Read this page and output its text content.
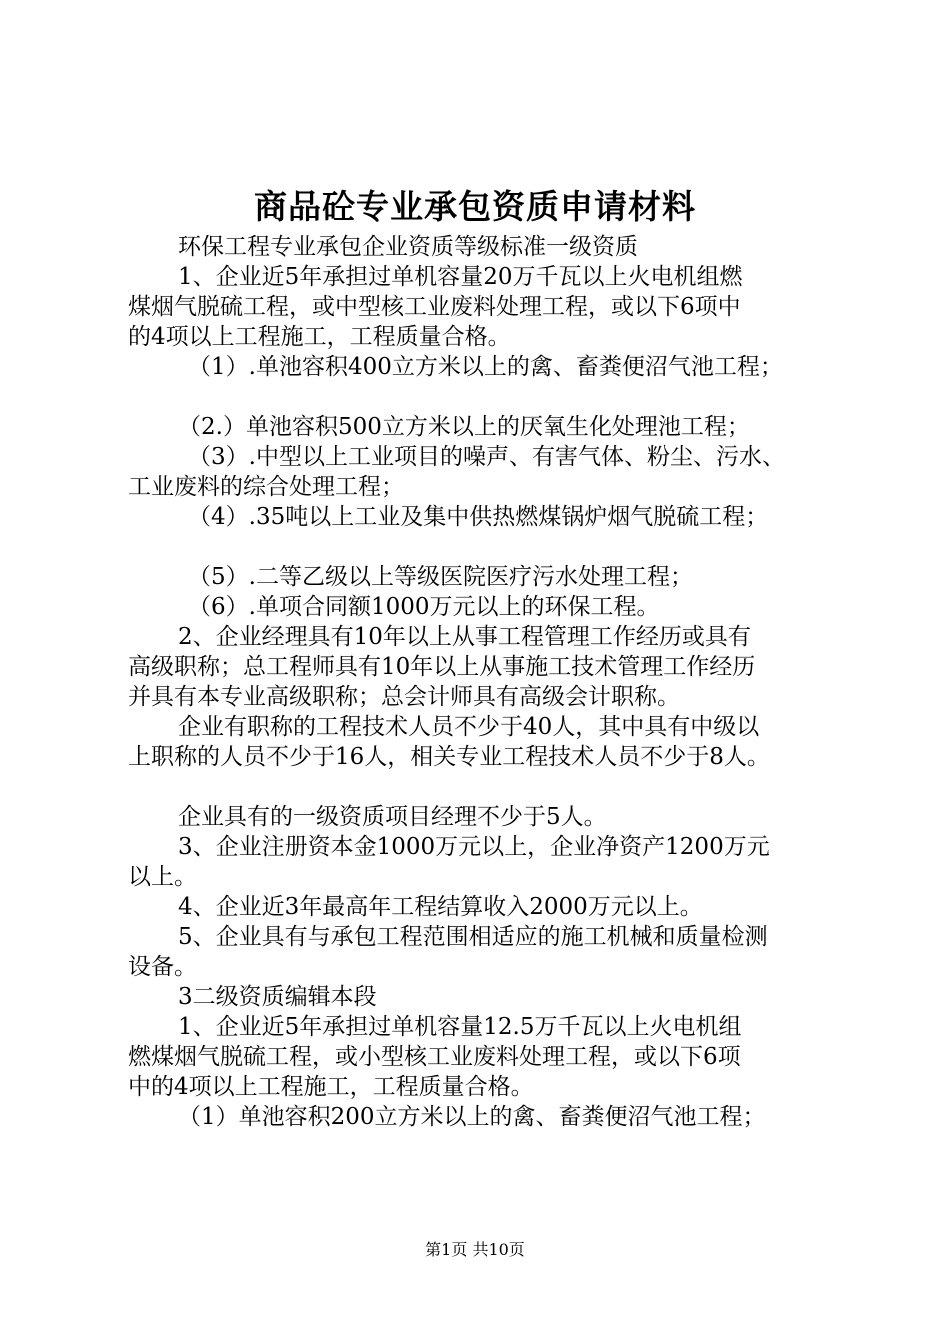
商品砼专业承包资质申请材料

环保工程专业承包企业资质等级标准一级资质

1、企业近5年承担过单机容量20万千瓦以上火电机组燃

煤烟气脱硫工程，或中型核工业废料处理工程，或以下6项中

的4项以上工程施工，工程质量合格。

（1）.单池容积400立方米以上的禽、畜粪便沼气池工程；

（2.）单池容积500立方米以上的厌氧生化处理池工程；

（3）.中型以上工业项目的噪声、有害气体、粉尘、污水、

工业废料的综合处理工程；

（4）.35吨以上工业及集中供热燃煤锅炉烟气脱硫工程；

（5）.二等乙级以上等级医院医疗污水处理工程；

（6）.单项合同额1000万元以上的环保工程。

2、企业经理具有10年以上从事工程管理工作经历或具有

高级职称；总工程师具有10年以上从事施工技术管理工作经历

并具有本专业高级职称；总会计师具有高级会计职称。

企业有职称的工程技术人员不少于40人，其中具有中级以

上职称的人员不少于16人，相关专业工程技术人员不少于8人。

企业具有的一级资质项目经理不少于5人。

3、企业注册资本金1000万元以上，企业净资产1200万元

以上。

4、企业近3年最高年工程结算收入2000万元以上。

5、企业具有与承包工程范围相适应的施工机械和质量检测

设备。

3二级资质编辑本段

1、企业近5年承担过单机容量12.5万千瓦以上火电机组

燃煤烟气脱硫工程，或小型核工业废料处理工程，或以下6项

中的4项以上工程施工，工程质量合格。

（1）单池容积200立方米以上的禽、畜粪便沼气池工程；

第1页 共10页
